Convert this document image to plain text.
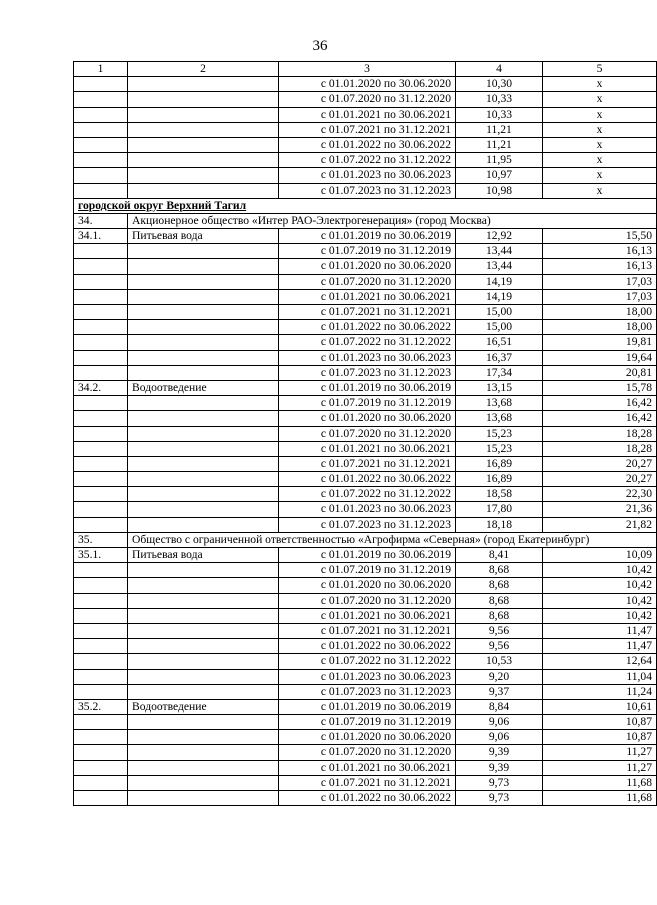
36
1	2	3	4	5
		с 01.01.2020 по 30.06.2020	10,30	х
		с 01.07.2020 по 31.12.2020	10,33	х
		с 01.01.2021 по 30.06.2021	10,33	х
		с 01.07.2021 по 31.12.2021	11,21	х
		с 01.01.2022 по 30.06.2022	11,21	х
		с 01.07.2022 по 31.12.2022	11,95	х
		с 01.01.2023 по 30.06.2023	10,97	х
		с 01.07.2023 по 31.12.2023	10,98	х
городской округ Верхний Тагил				
34.	Акционерное общество «Интер РАО-Электрогенерация» (город Москва)			
34.1.	Питьевая вода	с 01.01.2019 по 30.06.2019	12,92	15,50
		с 01.07.2019 по 31.12.2019	13,44	16,13
		с 01.01.2020 по 30.06.2020	13,44	16,13
		с 01.07.2020 по 31.12.2020	14,19	17,03
		с 01.01.2021 по 30.06.2021	14,19	17,03
		с 01.07.2021 по 31.12.2021	15,00	18,00
		с 01.01.2022 по 30.06.2022	15,00	18,00
		с 01.07.2022 по 31.12.2022	16,51	19,81
		с 01.01.2023 по 30.06.2023	16,37	19,64
		с 01.07.2023 по 31.12.2023	17,34	20,81
34.2.	Водоотведение	с 01.01.2019 по 30.06.2019	13,15	15,78
		с 01.07.2019 по 31.12.2019	13,68	16,42
		с 01.01.2020 по 30.06.2020	13,68	16,42
		с 01.07.2020 по 31.12.2020	15,23	18,28
		с 01.01.2021 по 30.06.2021	15,23	18,28
		с 01.07.2021 по 31.12.2021	16,89	20,27
		с 01.01.2022 по 30.06.2022	16,89	20,27
		с 01.07.2022 по 31.12.2022	18,58	22,30
		с 01.01.2023 по 30.06.2023	17,80	21,36
		с 01.07.2023 по 31.12.2023	18,18	21,82
35.	Общество с ограниченной ответственностью «Агрофирма «Северная» (город Екатеринбург)			
35.1.	Питьевая вода	с 01.01.2019 по 30.06.2019	8,41	10,09
		с 01.07.2019 по 31.12.2019	8,68	10,42
		с 01.01.2020 по 30.06.2020	8,68	10,42
		с 01.07.2020 по 31.12.2020	8,68	10,42
		с 01.01.2021 по 30.06.2021	8,68	10,42
		с 01.07.2021 по 31.12.2021	9,56	11,47
		с 01.01.2022 по 30.06.2022	9,56	11,47
		с 01.07.2022 по 31.12.2022	10,53	12,64
		с 01.01.2023 по 30.06.2023	9,20	11,04
		с 01.07.2023 по 31.12.2023	9,37	11,24
35.2.	Водоотведение	с 01.01.2019 по 30.06.2019	8,84	10,61
		с 01.07.2019 по 31.12.2019	9,06	10,87
		с 01.01.2020 по 30.06.2020	9,06	10,87
		с 01.07.2020 по 31.12.2020	9,39	11,27
		с 01.01.2021 по 30.06.2021	9,39	11,27
		с 01.07.2021 по 31.12.2021	9,73	11,68
		с 01.01.2022 по 30.06.2022	9,73	11,68
